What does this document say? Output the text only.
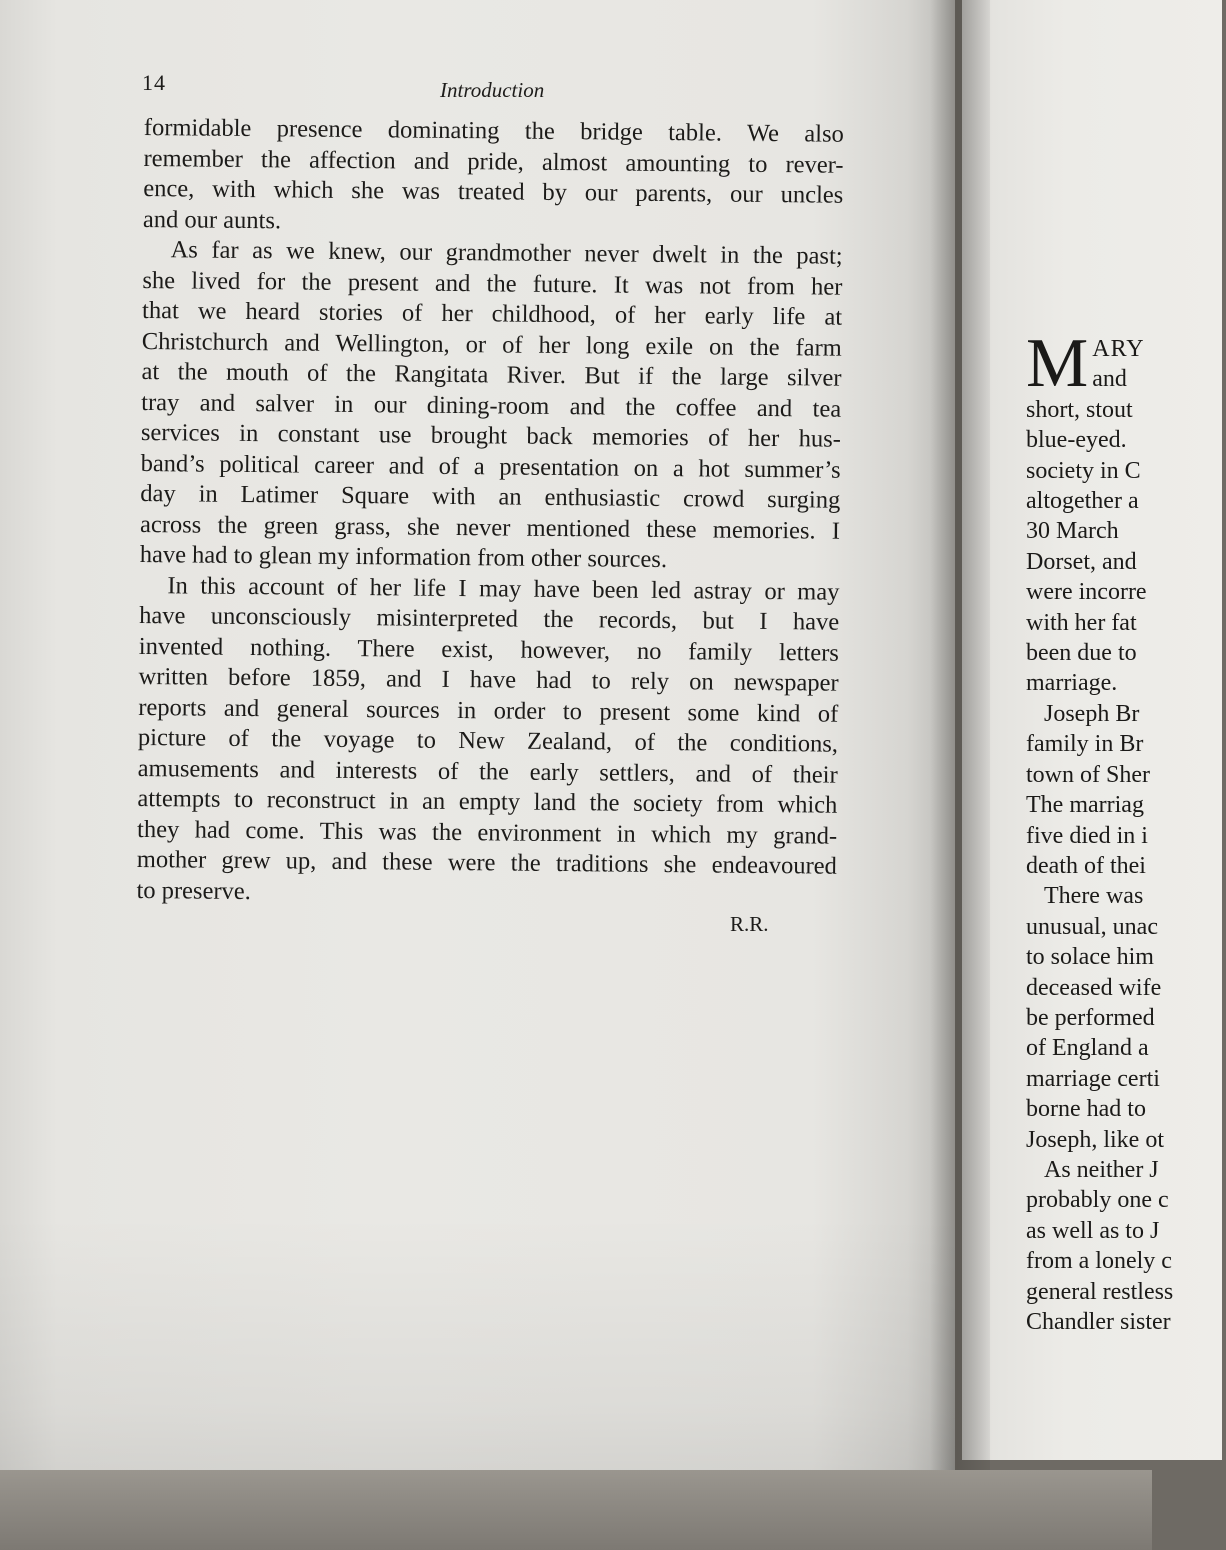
14	Introduction
formidable presence dominating the bridge table. We also
remember the affection and pride, almost amounting to rever-
ence, with which she was treated by our parents, our uncles
and our aunts.
As far as we knew, our grandmother never dwelt in the past;
she lived for the present and the future. It was not from her
that we heard stories of her childhood, of her early life at
Christchurch and Wellington, or of her long exile on the farm
at the mouth of the Rangitata River. But if the large silver
tray and salver in our dining-room and the coffee and tea
services in constant use brought back memories of her hus-
band’s political career and of a presentation on a hot summer’s
day in Latimer Square with an enthusiastic crowd surging
across the green grass, she never mentioned these memories. I
have had to glean my information from other sources.
In this account of her life I may have been led astray or may
have unconsciously misinterpreted the records, but I have
invented nothing. There exist, however, no family letters
written before 1859, and I have had to rely on newspaper
reports and general sources in order to present some kind of
picture of the voyage to New Zealand, of the conditions,
amusements and interests of the early settlers, and of their
attempts to reconstruct in an empty land the society from which
they had come. This was the environment in which my grand-
mother grew up, and these were the traditions she endeavoured
to preserve.
R.R.
M ARY
and
short, stout
blue-eyed.
society in C
altogether a
30 March
Dorset, and
were incorre
with her fat
been due to
marriage.
Joseph Br
family in Br
town of Sher
The marriag
five died in i
death of thei
There was
unusual, unac
to solace him
deceased wife
be performed
of England a
marriage certi
borne had to
Joseph, like ot
As neither J
probably one c
as well as to J
from a lonely c
general restless
Chandler sister
